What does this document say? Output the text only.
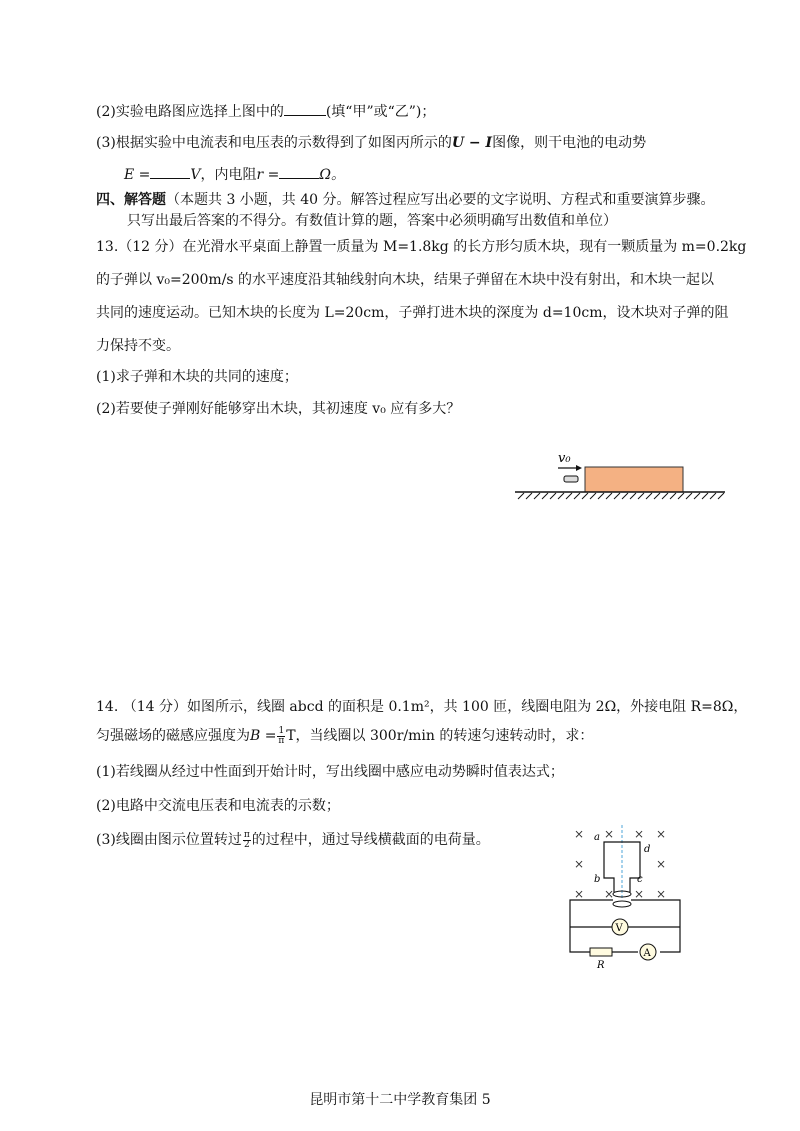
(2)实验电路图应选择上图中的	(填“甲”或“乙”)；
(3)根据实验中电流表和电压表的示数得到了如图丙所示的U − I图像，则干电池的电动势
E =	V，内电阻r =	Ω。
四、解答题（本题共 3 小题，共 40 分。解答过程应写出必要的文字说明、方程式和重要演算步骤。
只写出最后答案的不得分。有数值计算的题，答案中必须明确写出数值和单位）
13.（12 分）在光滑水平桌面上静置一质量为 M=1.8kg 的长方形匀质木块，现有一颗质量为 m=0.2kg
的子弹以 v₀=200m/s 的水平速度沿其轴线射向木块，结果子弹留在木块中没有射出，和木块一起以
共同的速度运动。已知木块的长度为 L=20cm，子弹打进木块的深度为 d=10cm，设木块对子弹的阻
力保持不变。
(1)求子弹和木块的共同的速度；
(2)若要使子弹刚好能够穿出木块，其初速度 v₀ 应有多大？
v₀
14. （14 分）如图所示，线圈 abcd 的面积是 0.1m²，共 100 匝，线圈电阻为 2Ω，外接电阻 R=8Ω，
匀强磁场的磁感应强度为$B = \frac{1}{\pi}$ T，当线圈以 300r/min 的转速匀速转动时，求：
(1)若线圈从经过中性面到开始计时，写出线圈中感应电动势瞬时值表达式；
(2)电路中交流电压表和电流表的示数；
(3)线圈由图示位置转过 $\frac{\pi}{2}$ 的过程中，通过导线横截面的电荷量。	× × × ×
×	×
× × × ×
a
d
b	c
V
R
A
昆明市第十二中学教育集团 5
